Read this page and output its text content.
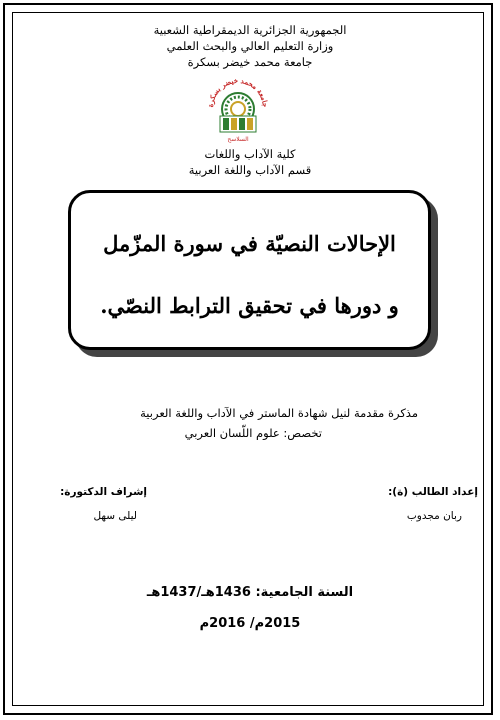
الجمهورية الجزائرية الديمقراطية الشعبية
وزارة التعليم العالي والبحث العلمي
جامعة محمد خيضر بسكرة
جامعة محمد خيضر بسكرة
السلاسح
كلية الآداب واللغات
قسم الآداب واللغة العربية
الإحالات النصيّة في سورة المزّمل
و دورها في تحقيق الترابط النصّي.
مذكرة مقدمة لنيل شهادة الماستر في الآداب واللغة العربية
تخصص: علوم اللّسان العربي
إعداد الطالب (ة):
ربان مجدوب
إشراف الدكتورة:
ليلى سهل
السنة الجامعية: 1436هـ/1437هـ
2015م/ 2016م
